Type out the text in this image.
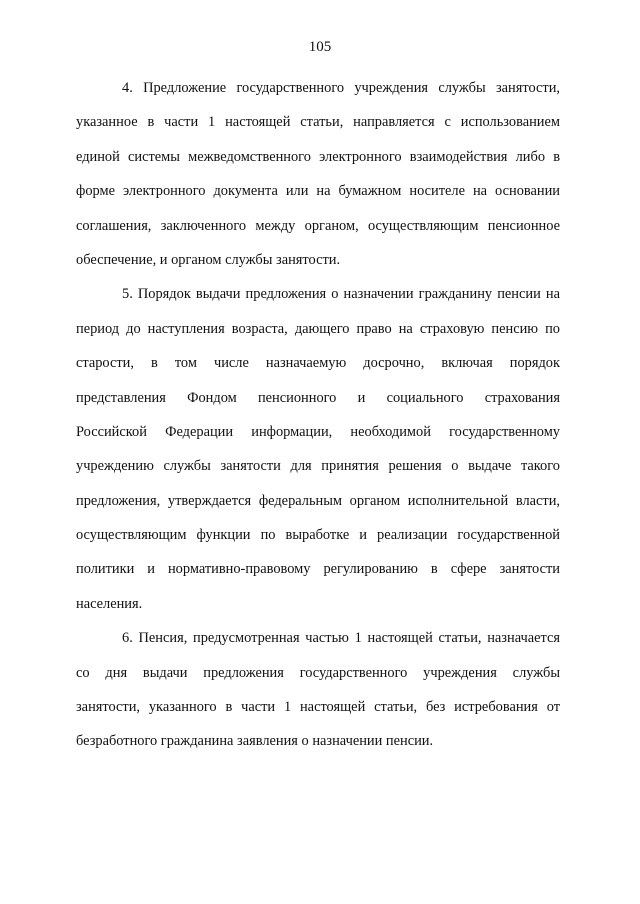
105
4. Предложение государственного учреждения службы занятости,
указанное в части 1 настоящей статьи, направляется с использованием
единой системы межведомственного электронного взаимодействия либо в
форме электронного документа или на бумажном носителе на основании
соглашения, заключенного между органом, осуществляющим пенсионное
обеспечение, и органом службы занятости.
5. Порядок выдачи предложения о назначении гражданину пенсии на
период до наступления возраста, дающего право на страховую пенсию по
старости, в том числе назначаемую досрочно, включая порядок
представления Фондом пенсионного и социального страхования
Российской Федерации информации, необходимой государственному
учреждению службы занятости для принятия решения о выдаче такого
предложения, утверждается федеральным органом исполнительной власти,
осуществляющим функции по выработке и реализации государственной
политики и нормативно-правовому регулированию в сфере занятости
населения.
6. Пенсия, предусмотренная частью 1 настоящей статьи, назначается
со дня выдачи предложения государственного учреждения службы
занятости, указанного в части 1 настоящей статьи, без истребования от
безработного гражданина заявления о назначении пенсии.
